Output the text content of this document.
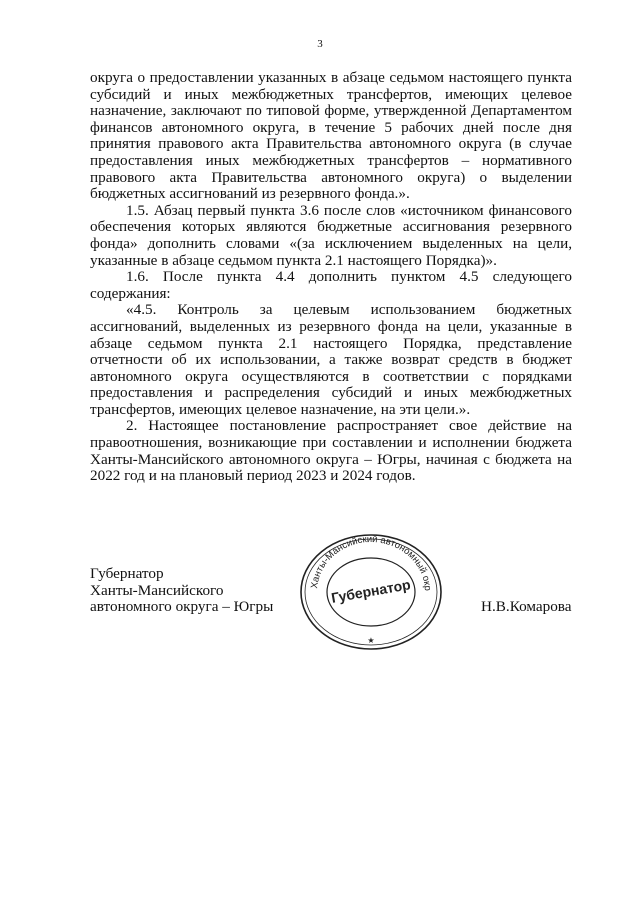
3

округа о предоставлении указанных в абзаце седьмом настоящего пункта субсидий и иных межбюджетных трансфертов, имеющих целевое назначение, заключают по типовой форме, утвержденной Департаментом финансов автономного округа, в течение 5 рабочих дней после дня принятия правового акта Правительства автономного округа (в случае предоставления иных межбюджетных трансфертов – нормативного правового акта Правительства автономного округа) о выделении бюджетных ассигнований из резервного фонда.».

1.5. Абзац первый пункта 3.6 после слов «источником финансового обеспечения которых являются бюджетные ассигнования резервного фонда» дополнить словами «(за исключением выделенных на цели, указанные в абзаце седьмом пункта 2.1 настоящего Порядка)».

1.6. После пункта 4.4 дополнить пунктом 4.5 следующего содержания:

«4.5. Контроль за целевым использованием бюджетных ассигнований, выделенных из резервного фонда на цели, указанные в абзаце седьмом пункта 2.1 настоящего Порядка, представление отчетности об их использовании, а также возврат средств в бюджет автономного округа осуществляются в соответствии с порядками предоставления и распределения субсидий и иных межбюджетных трансфертов, имеющих целевое назначение, на эти цели.».

2. Настоящее постановление распространяет свое действие на правоотношения, возникающие при составлении и исполнении бюджета Ханты-Мансийского автономного округа – Югры, начиная с бюджета на 2022 год и на плановый период 2023 и 2024 годов.

Губернатор
Ханты-Мансийского
автономного округа – Югры
Ханты-Мансийский автономный окр
Губернатор
★
Н.В.Комарова
